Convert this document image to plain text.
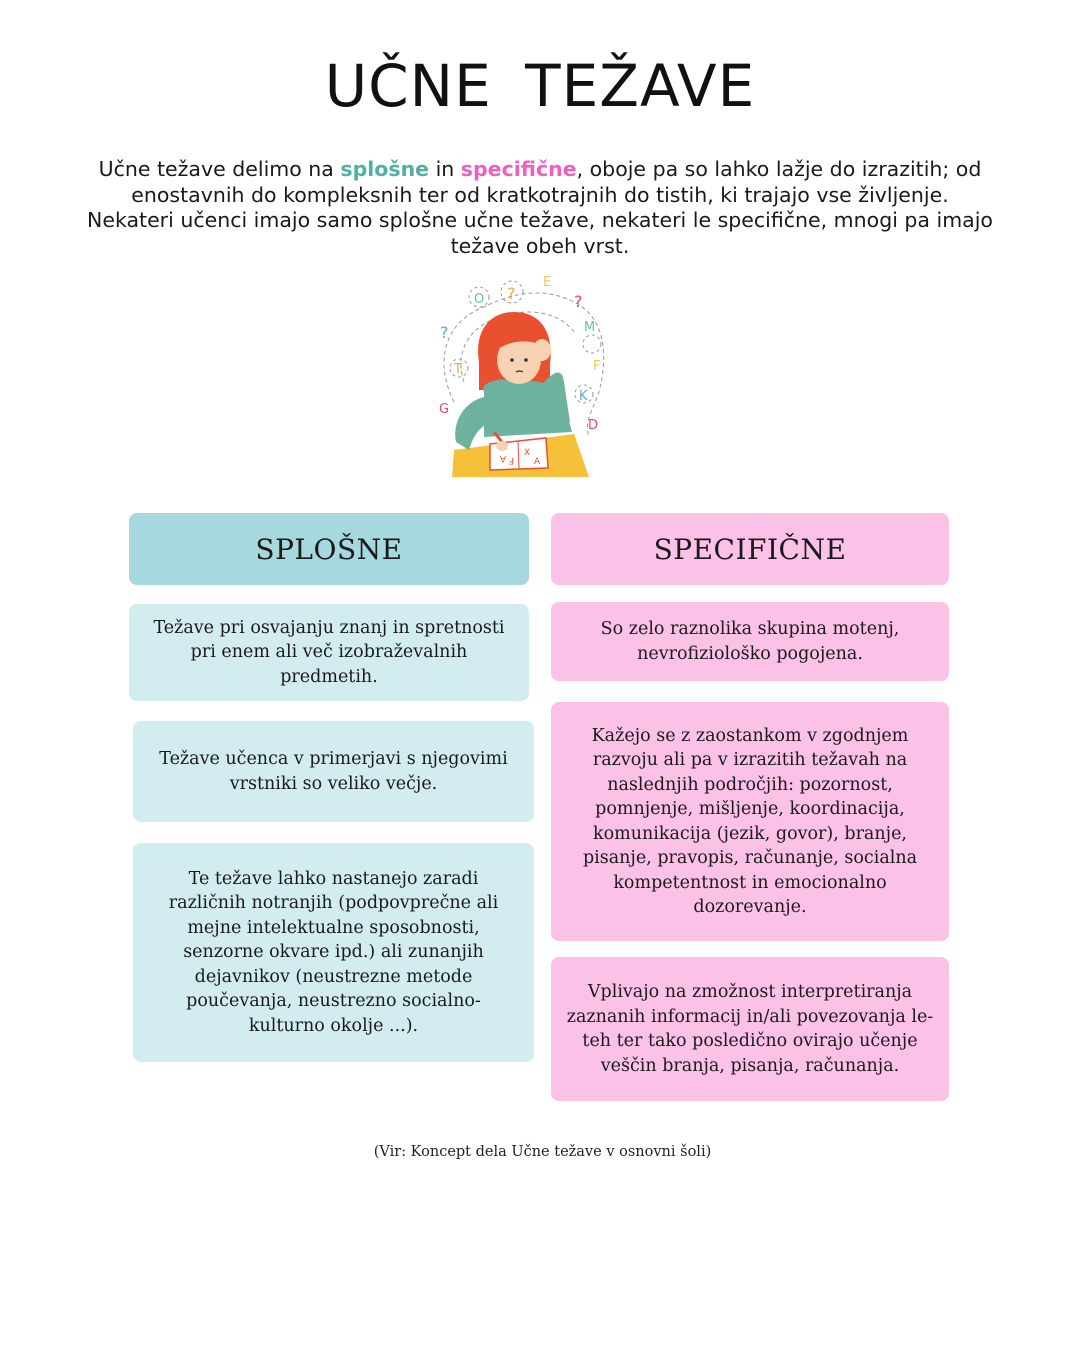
UČNE TEŽAVE
Učne težave delimo na splošne in specifične, oboje pa so lahko lažje do izrazitih; od enostavnih do kompleksnih ter od kratkotrajnih do tistih, ki trajajo vse življenje.
Nekateri učenci imajo samo splošne učne težave, nekateri le specifične, mnogi pa imajo težave obeh vrst.
O ?
E
?
M
?
F
T
K
G
D
A X
F A
SPLOŠNE	SPECIFIČNE
Težave pri osvajanju znanj in spretnosti pri enem ali več izobraževalnih predmetih.
Težave učenca v primerjavi s njegovimi vrstniki so veliko večje.
Te težave lahko nastanejo zaradi različnih notranjih (podpovprečne ali mejne intelektualne sposobnosti, senzorne okvare ipd.) ali zunanjih dejavnikov (neustrezne metode poučevanja, neustrezno socialno-kulturno okolje ...).
So zelo raznolika skupina motenj, nevrofiziološko pogojena.
Kažejo se z zaostankom v zgodnjem razvoju ali pa v izrazitih težavah na naslednjih področjih: pozornost, pomnjenje, mišljenje, koordinacija, komunikacija (jezik, govor), branje, pisanje, pravopis, računanje, socialna kompetentnost in emocionalno dozorevanje.
Vplivajo na zmožnost interpretiranja zaznanih informacij in/ali povezovanja le-teh ter tako posledično ovirajo učenje veščin branja, pisanja, računanja.
(Vir: Koncept dela Učne težave v osnovni šoli)
